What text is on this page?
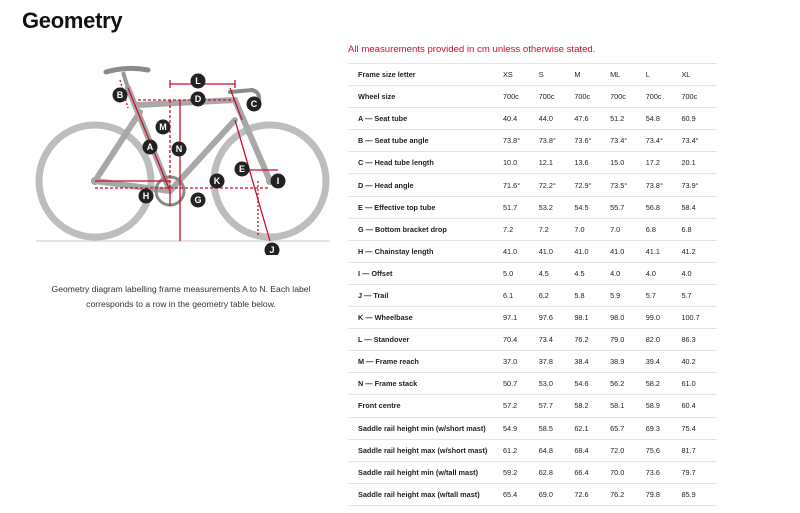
Geometry
B
L
D	C
M
A	N
E
K	I
H	G
J
Geometry diagram labelling frame measurements A to N. Each label corresponds to a row in the geometry table below.
All measurements provided in cm unless otherwise stated.
Frame size letter	XS	S	M	ML	L	XL
Wheel size	700c	700c	700c	700c	700c	700c
A — Seat tube	40.4	44.0	47.6	51.2	54.8	60.9
B — Seat tube angle	73.8°	73.8°	73.6°	73.4°	73.4°	73.4°
C — Head tube length	10.0	12.1	13.6	15.0	17.2	20.1
D — Head angle	71.6°	72.2°	72.9°	73.5°	73.8°	73.9°
E — Effective top tube	51.7	53.2	54.5	55.7	56.8	58.4
G — Bottom bracket drop	7.2	7.2	7.0	7.0	6.8	6.8
H — Chainstay length	41.0	41.0	41.0	41.0	41.1	41.2
I — Offset	5.0	4.5	4.5	4.0	4.0	4.0
J — Trail	6.1	6.2	5.8	5.9	5.7	5.7
K — Wheelbase	97.1	97.6	98.1	98.0	99.0	100.7
L — Standover	70.4	73.4	76.2	79.0	82.0	86.3
M — Frame reach	37.0	37.8	38.4	38.9	39.4	40.2
N — Frame stack	50.7	53.0	54.6	56.2	58.2	61.0
Front centre	57.2	57.7	58.2	58.1	58.9	60.4
Saddle rail height min (w/short mast)	54.9	58.5	62.1	65.7	69.3	75.4
Saddle rail height max (w/short mast)	61.2	64.8	68.4	72.0	75.6	81.7
Saddle rail height min (w/tall mast)	59.2	62.8	66.4	70.0	73.6	79.7
Saddle rail height max (w/tall mast)	65.4	69.0	72.6	76.2	79.8	85.9
